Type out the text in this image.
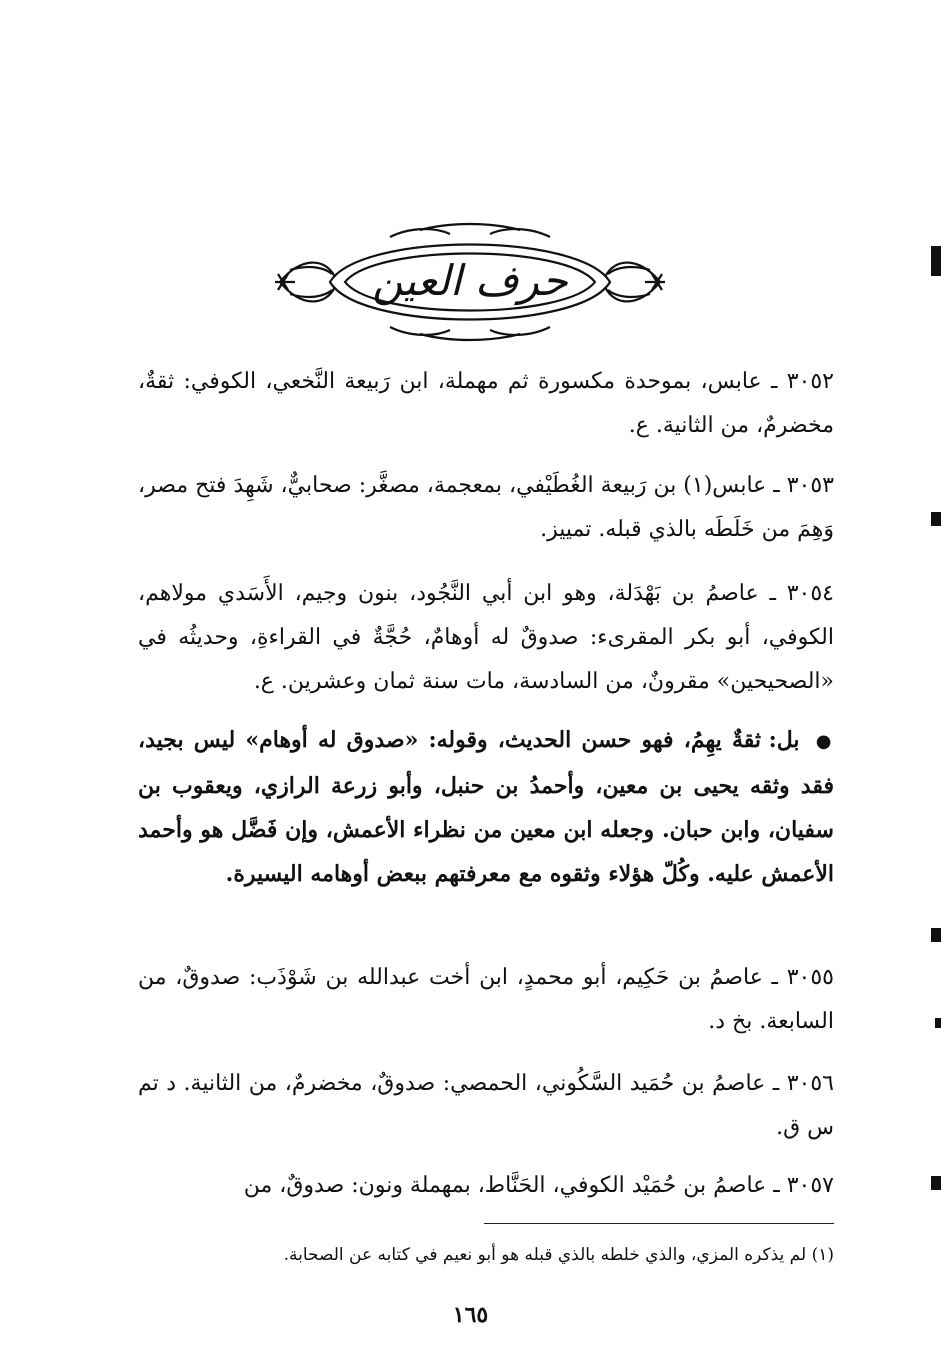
حرف العين

٣٠٥٢ ـ عابس، بموحدة مكسورة ثم مهملة، ابن رَبيعة النَّخعي، الكوفي: ثقةٌ، مخضرمٌ، من الثانية. ع.

٣٠٥٣ ـ عابس(١) بن رَبيعة الغُطَيْفي، بمعجمة، مصغَّر: صحابيٌّ، شَهِدَ فتح مصر، وَهِمَ من خَلَطَه بالذي قبله. تمييز.

٣٠٥٤ ـ عاصمُ بن بَهْدَلة، وهو ابن أبي النَّجُود، بنون وجيم، الأَسَدي مولاهم، الكوفي، أبو بكر المقرىء: صدوقٌ له أوهامٌ، حُجَّةٌ في القراءةِ، وحديثُه في «الصحيحين» مقرونٌ، من السادسة، مات سنة ثمان وعشرين. ع.

● بل: ثقةٌ يهِمُ، فهو حسن الحديث، وقوله: «صدوق له أوهام» ليس بجيد، فقد وثقه يحيى بن معين، وأحمدُ بن حنبل، وأبو زرعة الرازي، ويعقوب بن سفيان، وابن حبان. وجعله ابن معين من نظراء الأعمش، وإن فَضَّل هو وأحمد الأعمش عليه. وكُلّ هؤلاء وثقوه مع معرفتهم ببعض أوهامه اليسيرة.

٣٠٥٥ ـ عاصمُ بن حَكِيم، أبو محمدٍ، ابن أخت عبدالله بن شَوْذَب: صدوقٌ، من السابعة. بخ د.

٣٠٥٦ ـ عاصمُ بن حُمَيد السَّكُوني، الحمصي: صدوقٌ، مخضرمٌ، من الثانية. د تم س ق.

٣٠٥٧ ـ عاصمُ بن حُمَيْد الكوفي، الحَنَّاط، بمهملة ونون: صدوقٌ، من

(١) لم يذكره المزي، والذي خلطه بالذي قبله هو أبو نعيم في كتابه عن الصحابة.
١٦٥
